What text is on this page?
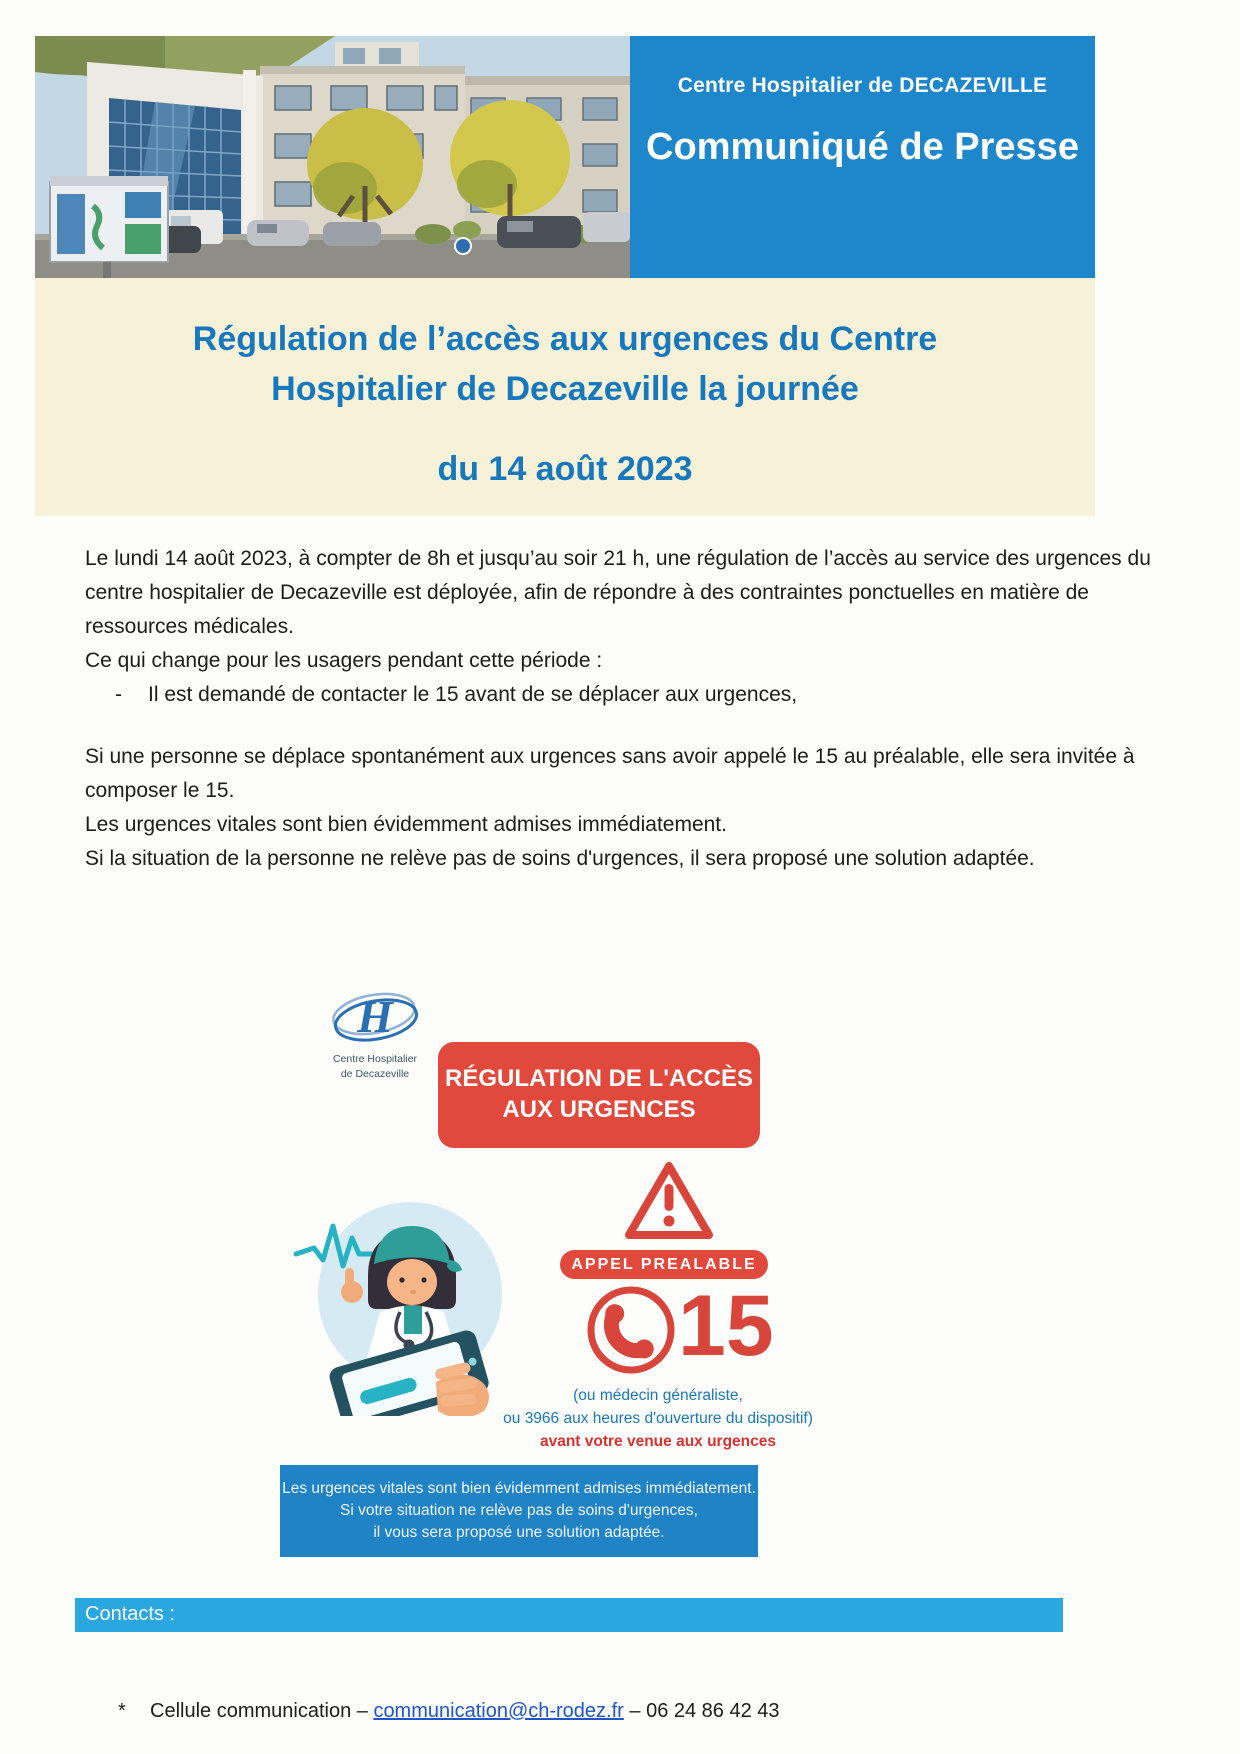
Centre Hospitalier de DECAZEVILLE
Communiqué de Presse
Régulation de l’accès aux urgences du Centre
Hospitalier de Decazeville la journée
du 14 août 2023

Le lundi 14 août 2023, à compter de 8h et jusqu’au soir 21 h, une régulation de l’accès au service des urgences du centre hospitalier de Decazeville est déployée, afin de répondre à des contraintes ponctuelles en matière de ressources médicales.

Ce qui change pour les usagers pendant cette période :

-	Il est demandé de contacter le 15 avant de se déplacer aux urgences,

Si une personne se déplace spontanément aux urgences sans avoir appelé le 15 au préalable, elle sera invitée à composer le 15.
Les urgences vitales sont bien évidemment admises immédiatement.

Si la situation de la personne ne relève pas de soins d'urgences, il sera proposé une solution adaptée.

H
Centre Hospitalier
de Decazeville	RÉGULATION DE L'ACCÈS
AUX URGENCES
APPEL PREALABLE
15
(ou médecin généraliste,
ou 3966 aux heures d'ouverture du dispositif)
avant votre venue aux urgences
Les urgences vitales sont bien évidemment admises immédiatement.
Si votre situation ne relève pas de soins d'urgences,
il vous sera proposé une solution adaptée.
Contacts :
*	Cellule communication – communication@ch-rodez.fr – 06 24 86 42 43
